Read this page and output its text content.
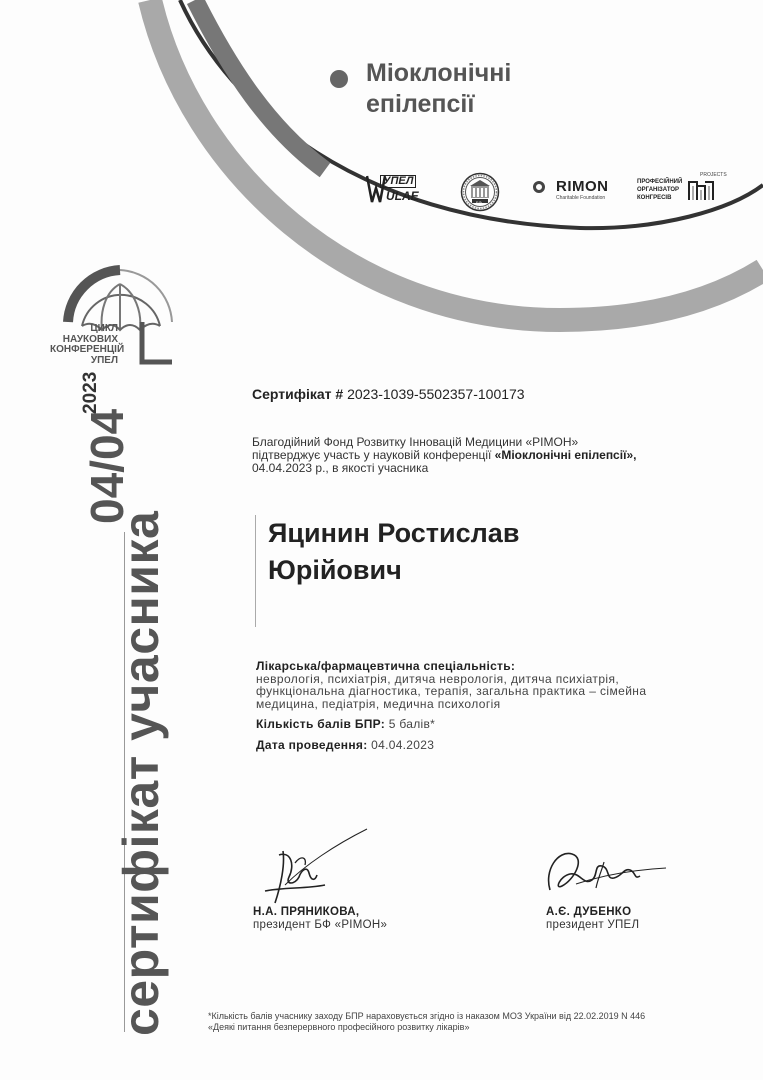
Міоклонічні
епілепсії
УПЕЛ
ULAE	БФ
RIMON
Charitable Foundation
ПРОФЕСІЙНИЙ
ОРГАНІЗАТОР
КОНГРЕСІВ
PROJECTS
ЦИКЛ
НАУКОВИХ
КОНФЕРЕНЦІЙ
УПЕЛ
2023
04/04
сертифікат учасника
Сертифікат # 2023-1039-5502357-100173
Благодійний Фонд Розвитку Інновацій Медицини «РІМОН»
підтверджує участь у науковій конференції «Міоклонічні епілепсії», 04.04.2023 р., в якості учасника
Яцинин Ростислав
Юрійович
Лікарська/фармацевтична спеціальність:
неврологія, психіатрія, дитяча неврологія, дитяча психіатрія, функціональна діагностика, терапія, загальна практика – сімейна медицина, педіатрія, медична психологія
Кількість балів БПР: 5 балів*
Дата проведення: 04.04.2023
Н.А. ПРЯНИКОВА,
президент БФ «РІМОН»
А.Є. ДУБЕНКО
президент УПЕЛ
*Кількість балів учаснику заходу БПР нараховується згідно із наказом МОЗ України від 22.02.2019 N 446
«Деякі питання безперервного професійного розвитку лікарів»
